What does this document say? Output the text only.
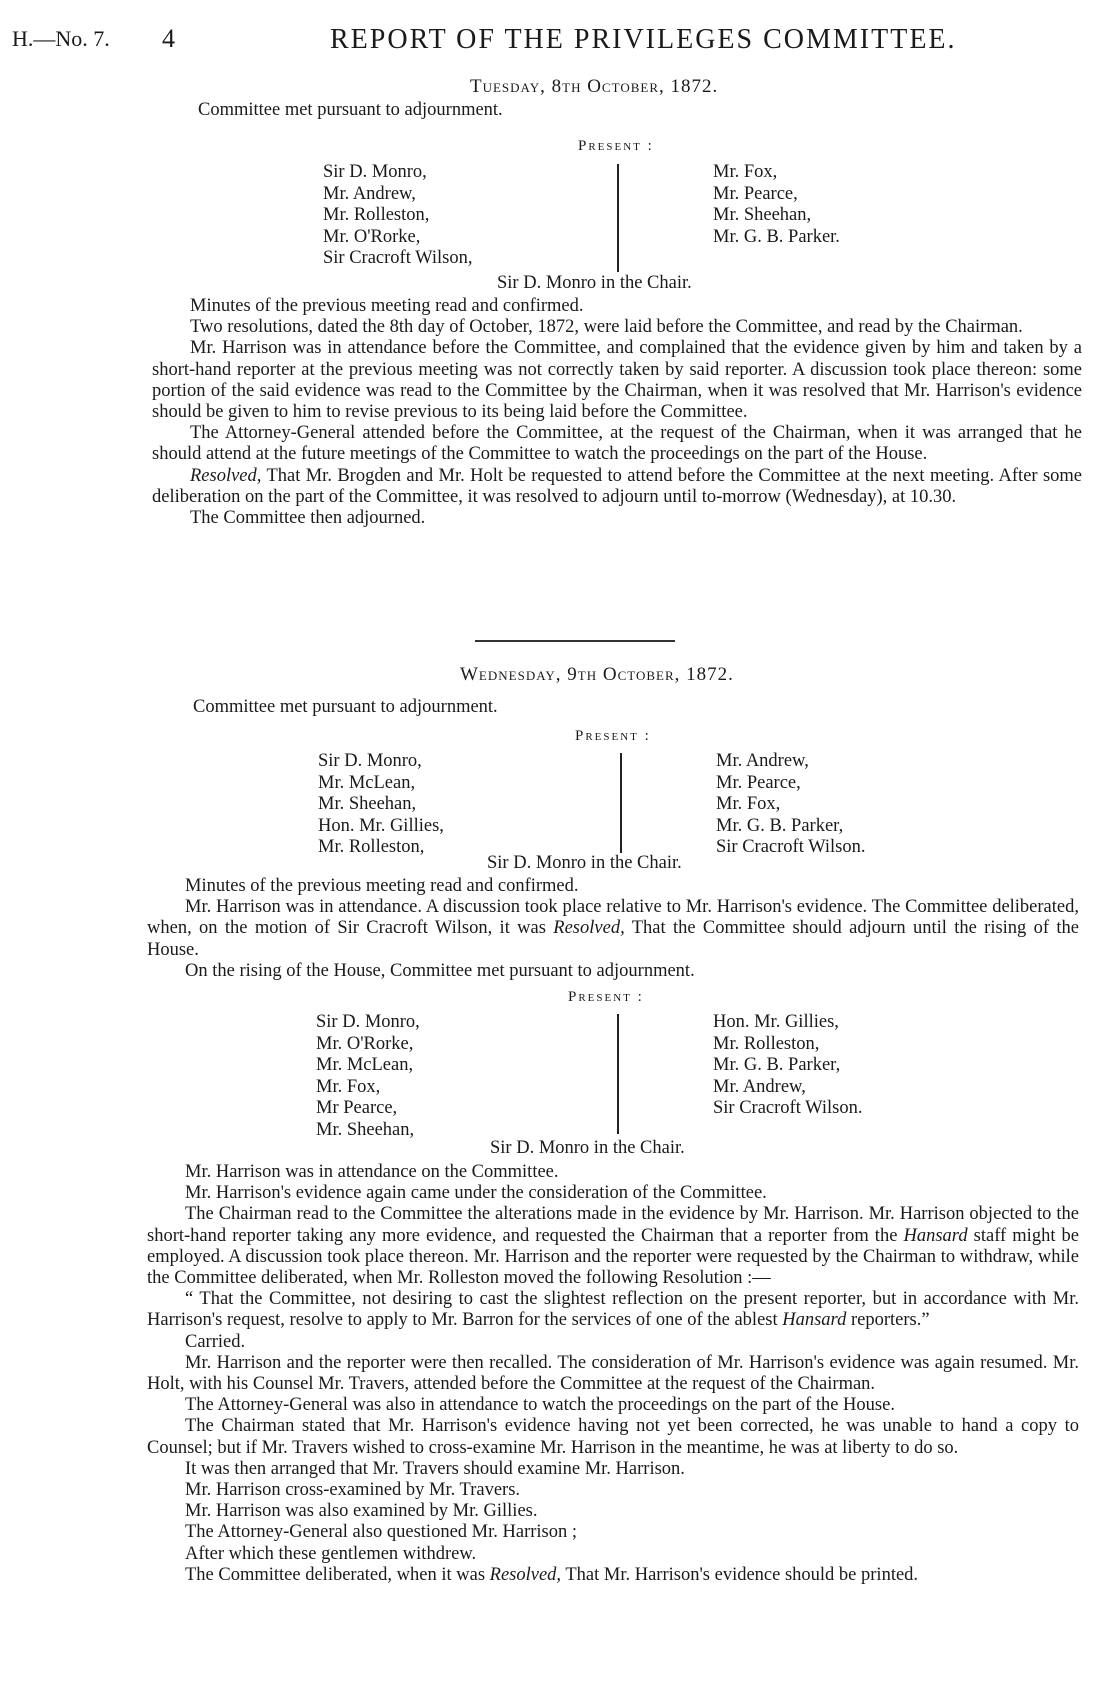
H.—No. 7. 4	REPORT OF THE PRIVILEGES COMMITTEE.
Tuesday, 8th October, 1872.
Committee met pursuant to adjournment.
Present :
Sir D. Monro,
Mr. Andrew,
Mr. Rolleston,
Mr. O'Rorke,
Sir Cracroft Wilson,
Mr. Fox,
Mr. Pearce,
Mr. Sheehan,
Mr. G. B. Parker.
Sir D. Monro in the Chair.
Minutes of the previous meeting read and confirmed.
Two resolutions, dated the 8th day of October, 1872, were laid before the Committee, and read by the Chairman.
Mr. Harrison was in attendance before the Committee, and complained that the evidence given by him and taken by a short-hand reporter at the previous meeting was not correctly taken by said reporter. A discussion took place thereon: some portion of the said evidence was read to the Committee by the Chairman, when it was resolved that Mr. Harrison's evidence should be given to him to revise previous to its being laid before the Committee.
The Attorney-General attended before the Committee, at the request of the Chairman, when it was arranged that he should attend at the future meetings of the Committee to watch the proceedings on the part of the House.
Resolved, That Mr. Brogden and Mr. Holt be requested to attend before the Committee at the next meeting. After some deliberation on the part of the Committee, it was resolved to adjourn until to-morrow (Wednesday), at 10.30.
The Committee then adjourned.
Wednesday, 9th October, 1872.
Committee met pursuant to adjournment.
Present :
Sir D. Monro,
Mr. McLean,
Mr. Sheehan,
Hon. Mr. Gillies,
Mr. Rolleston,
Mr. Andrew,
Mr. Pearce,
Mr. Fox,
Mr. G. B. Parker,
Sir Cracroft Wilson.
Sir D. Monro in the Chair.
Minutes of the previous meeting read and confirmed.
Mr. Harrison was in attendance. A discussion took place relative to Mr. Harrison's evidence. The Committee deliberated, when, on the motion of Sir Cracroft Wilson, it was Resolved, That the Committee should adjourn until the rising of the House.
On the rising of the House, Committee met pursuant to adjournment.
Present :
Sir D. Monro,
Mr. O'Rorke,
Mr. McLean,
Mr. Fox,
Mr Pearce,
Mr. Sheehan,
Hon. Mr. Gillies,
Mr. Rolleston,
Mr. G. B. Parker,
Mr. Andrew,
Sir Cracroft Wilson.
Sir D. Monro in the Chair.
Mr. Harrison was in attendance on the Committee.
Mr. Harrison's evidence again came under the consideration of the Committee.
The Chairman read to the Committee the alterations made in the evidence by Mr. Harrison. Mr. Harrison objected to the short-hand reporter taking any more evidence, and requested the Chairman that a reporter from the Hansard staff might be employed. A discussion took place thereon. Mr. Harrison and the reporter were requested by the Chairman to withdraw, while the Committee deliberated, when Mr. Rolleston moved the following Resolution :—
“ That the Committee, not desiring to cast the slightest reflection on the present reporter, but in accordance with Mr. Harrison's request, resolve to apply to Mr. Barron for the services of one of the ablest Hansard reporters.”
Carried.
Mr. Harrison and the reporter were then recalled. The consideration of Mr. Harrison's evidence was again resumed. Mr. Holt, with his Counsel Mr. Travers, attended before the Committee at the request of the Chairman.
The Attorney-General was also in attendance to watch the proceedings on the part of the House.
The Chairman stated that Mr. Harrison's evidence having not yet been corrected, he was unable to hand a copy to Counsel; but if Mr. Travers wished to cross-examine Mr. Harrison in the meantime, he was at liberty to do so.
It was then arranged that Mr. Travers should examine Mr. Harrison.
Mr. Harrison cross-examined by Mr. Travers.
Mr. Harrison was also examined by Mr. Gillies.
The Attorney-General also questioned Mr. Harrison ;
After which these gentlemen withdrew.
The Committee deliberated, when it was Resolved, That Mr. Harrison's evidence should be printed.
